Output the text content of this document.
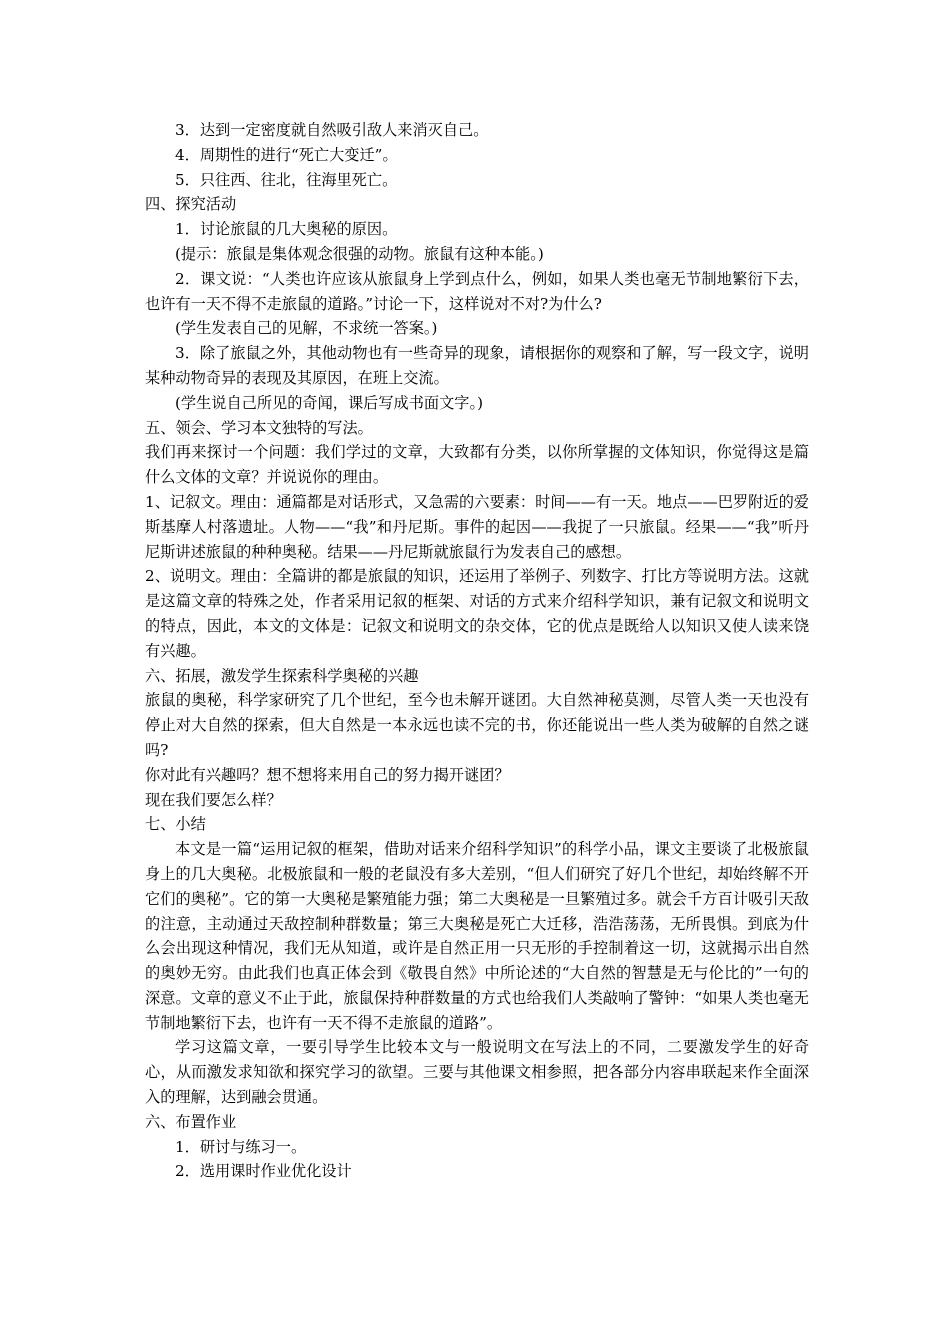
3．达到一定密度就自然吸引敌人来消灭自己。

4．周期性的进行“死亡大变迁”。

5．只往西、往北，往海里死亡。

四、探究活动

1．讨论旅鼠的几大奥秘的原因。

(提示：旅鼠是集体观念很强的动物。旅鼠有这种本能。)

2．课文说：“人类也许应该从旅鼠身上学到点什么，例如，如果人类也毫无节制地繁衍下去，也许有一天不得不走旅鼠的道路。”讨论一下，这样说对不对?为什么?

(学生发表自己的见解，不求统一答案。)

3．除了旅鼠之外，其他动物也有一些奇异的现象，请根据你的观察和了解，写一段文字，说明某种动物奇异的表现及其原因，在班上交流。

(学生说自己所见的奇闻，课后写成书面文字。)

五、领会、学习本文独特的写法。

我们再来探讨一个问题：我们学过的文章，大致都有分类，以你所掌握的文体知识，你觉得这是篇什么文体的文章？并说说你的理由。

1、记叙文。理由：通篇都是对话形式，又急需的六要素：时间——有一天。地点——巴罗附近的爱斯基摩人村落遗址。人物——“我”和丹尼斯。事件的起因——我捉了一只旅鼠。经果——“我”听丹尼斯讲述旅鼠的种种奥秘。结果——丹尼斯就旅鼠行为发表自己的感想。

2、说明文。理由：全篇讲的都是旅鼠的知识，还运用了举例子、列数字、打比方等说明方法。这就是这篇文章的特殊之处，作者采用记叙的框架、对话的方式来介绍科学知识，兼有记叙文和说明文的特点，因此，本文的文体是：记叙文和说明文的杂交体，它的优点是既给人以知识又使人读来饶有兴趣。

六、拓展，激发学生探索科学奥秘的兴趣

旅鼠的奥秘，科学家研究了几个世纪，至今也未解开谜团。大自然神秘莫测，尽管人类一天也没有停止对大自然的探索，但大自然是一本永远也读不完的书，你还能说出一些人类为破解的自然之谜吗?

你对此有兴趣吗？想不想将来用自己的努力揭开谜团？

现在我们要怎么样？

七、小结

本文是一篇“运用记叙的框架，借助对话来介绍科学知识”的科学小品，课文主要谈了北极旅鼠身上的几大奥秘。北极旅鼠和一般的老鼠没有多大差别，“但人们研究了好几个世纪，却始终解不开它们的奥秘”。它的第一大奥秘是繁殖能力强；第二大奥秘是一旦繁殖过多。就会千方百计吸引天敌的注意，主动通过天敌控制种群数量；第三大奥秘是死亡大迁移，浩浩荡荡，无所畏惧。到底为什么会出现这种情况，我们无从知道，或许是自然正用一只无形的手控制着这一切，这就揭示出自然的奥妙无穷。由此我们也真正体会到《敬畏自然》中所论述的“大自然的智慧是无与伦比的”一句的深意。文章的意义不止于此，旅鼠保持种群数量的方式也给我们人类敲响了警钟：“如果人类也毫无节制地繁衍下去，也许有一天不得不走旅鼠的道路”。

学习这篇文章，一要引导学生比较本文与一般说明文在写法上的不同，二要激发学生的好奇心，从而激发求知欲和探究学习的欲望。三要与其他课文相参照，把各部分内容串联起来作全面深入的理解，达到融会贯通。

六、布置作业

1．研讨与练习一。

2．选用课时作业优化设计
